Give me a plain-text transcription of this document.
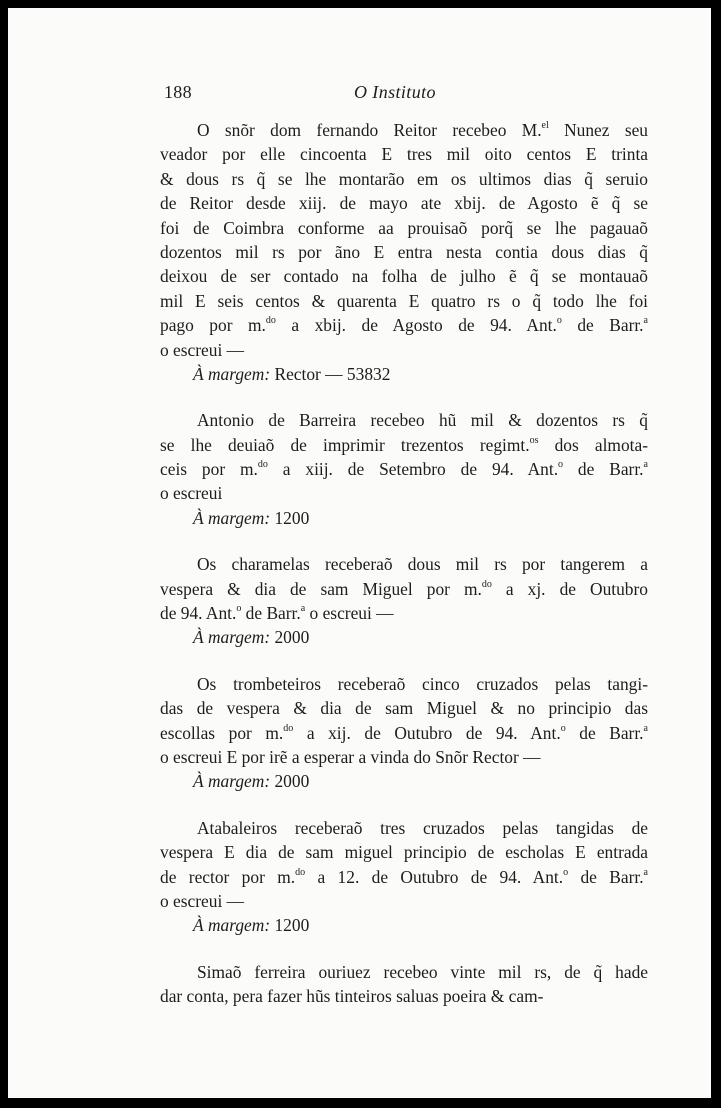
188	O Instituto
O snõr dom fernando Reitor recebeo M.$^{el}$ Nunez seu
veador por elle cincoenta E tres mil oito centos E trinta
& dous rs q̃ se lhe montarão em os ultimos dias q̃ seruio
de Reitor desde xiij. de mayo ate xbij. de Agosto ẽ q̃ se
foi de Coimbra conforme aa prouisaõ porq̃ se lhe pagauaõ
dozentos mil rs por ãno E entra nesta contia dous dias q̃
deixou de ser contado na folha de julho ẽ q̃ se montauaõ
mil E seis centos & quarenta E quatro rs o q̃ todo lhe foi
pago por m.$^{do}$ a xbij. de Agosto de 94. Ant.$^o$ de Barr.$^a$
o escreui —
À margem: Rector — 53832
Antonio de Barreira recebeo hũ mil & dozentos rs q̃
se lhe deuiaõ de imprimir trezentos regimt.$^{os}$ dos almota-
ceis por m.$^{do}$ a xiij. de Setembro de 94. Ant.$^o$ de Barr.$^a$
o escreui
À margem: 1200
Os charamelas receberaõ dous mil rs por tangerem a
vespera & dia de sam Miguel por m.$^{do}$ a xj. de Outubro
de 94. Ant.$^o$ de Barr.$^a$ o escreui —
À margem: 2000
Os trombeteiros receberaõ cinco cruzados pelas tangi-
das de vespera & dia de sam Miguel & no principio das
escollas por m.$^{do}$ a xij. de Outubro de 94. Ant.$^o$ de Barr.$^a$
o escreui E por irẽ a esperar a vinda do Snõr Rector —
À margem: 2000
Atabaleiros receberaõ tres cruzados pelas tangidas de
vespera E dia de sam miguel principio de escholas E entrada
de rector por m.$^{do}$ a 12. de Outubro de 94. Ant.$^o$ de Barr.$^a$
o escreui —
À margem: 1200
Simaõ ferreira ouriuez recebeo vinte mil rs, de q̃ hade
dar conta, pera fazer hũs tinteiros saluas poeira & cam-
